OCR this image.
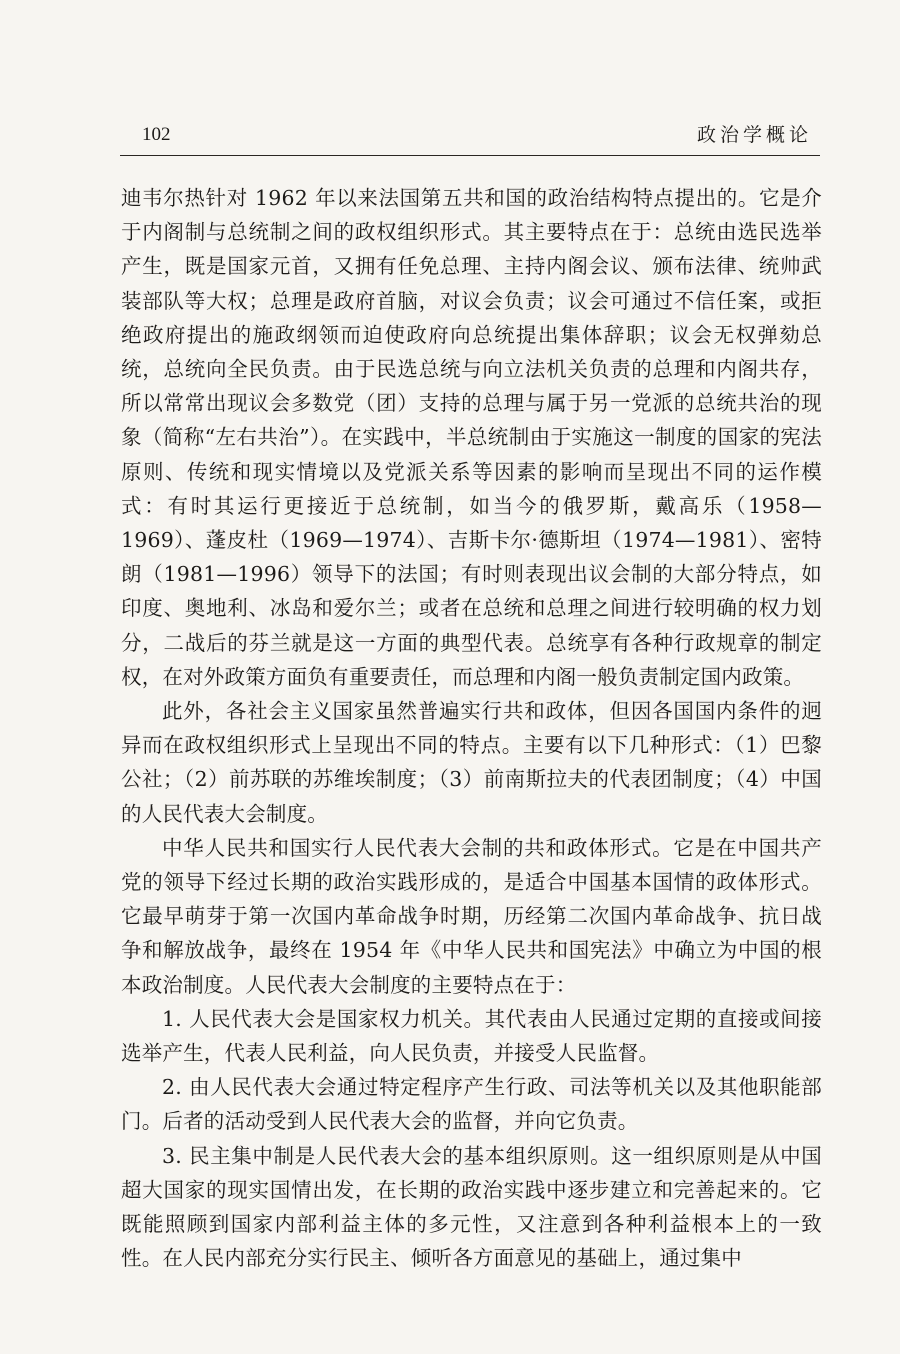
102	政治学概论

迪韦尔热针对 1962 年以来法国第五共和国的政治结构特点提出的。它是介于内阁制与总统制之间的政权组织形式。其主要特点在于：总统由选民选举产生，既是国家元首，又拥有任免总理、主持内阁会议、颁布法律、统帅武装部队等大权；总理是政府首脑，对议会负责；议会可通过不信任案，或拒绝政府提出的施政纲领而迫使政府向总统提出集体辞职；议会无权弹劾总统，总统向全民负责。由于民选总统与向立法机关负责的总理和内阁共存，所以常常出现议会多数党（团）支持的总理与属于另一党派的总统共治的现象（简称“左右共治”）。在实践中，半总统制由于实施这一制度的国家的宪法原则、传统和现实情境以及党派关系等因素的影响而呈现出不同的运作模式：有时其运行更接近于总统制，如当今的俄罗斯，戴高乐（1958—1969）、蓬皮杜（1969—1974）、吉斯卡尔·德斯坦（1974—1981）、密特朗（1981—1996）领导下的法国；有时则表现出议会制的大部分特点，如印度、奥地利、冰岛和爱尔兰；或者在总统和总理之间进行较明确的权力划分，二战后的芬兰就是这一方面的典型代表。总统享有各种行政规章的制定权，在对外政策方面负有重要责任，而总理和内阁一般负责制定国内政策。

此外，各社会主义国家虽然普遍实行共和政体，但因各国国内条件的迥异而在政权组织形式上呈现出不同的特点。主要有以下几种形式：（1）巴黎公社；（2）前苏联的苏维埃制度；（3）前南斯拉夫的代表团制度；（4）中国的人民代表大会制度。

中华人民共和国实行人民代表大会制的共和政体形式。它是在中国共产党的领导下经过长期的政治实践形成的，是适合中国基本国情的政体形式。它最早萌芽于第一次国内革命战争时期，历经第二次国内革命战争、抗日战争和解放战争，最终在 1954 年《中华人民共和国宪法》中确立为中国的根本政治制度。人民代表大会制度的主要特点在于：

1. 人民代表大会是国家权力机关。其代表由人民通过定期的直接或间接选举产生，代表人民利益，向人民负责，并接受人民监督。

2. 由人民代表大会通过特定程序产生行政、司法等机关以及其他职能部门。后者的活动受到人民代表大会的监督，并向它负责。

3. 民主集中制是人民代表大会的基本组织原则。这一组织原则是从中国超大国家的现实国情出发，在长期的政治实践中逐步建立和完善起来的。它既能照顾到国家内部利益主体的多元性，又注意到各种利益根本上的一致性。在人民内部充分实行民主、倾听各方面意见的基础上，通过集中
